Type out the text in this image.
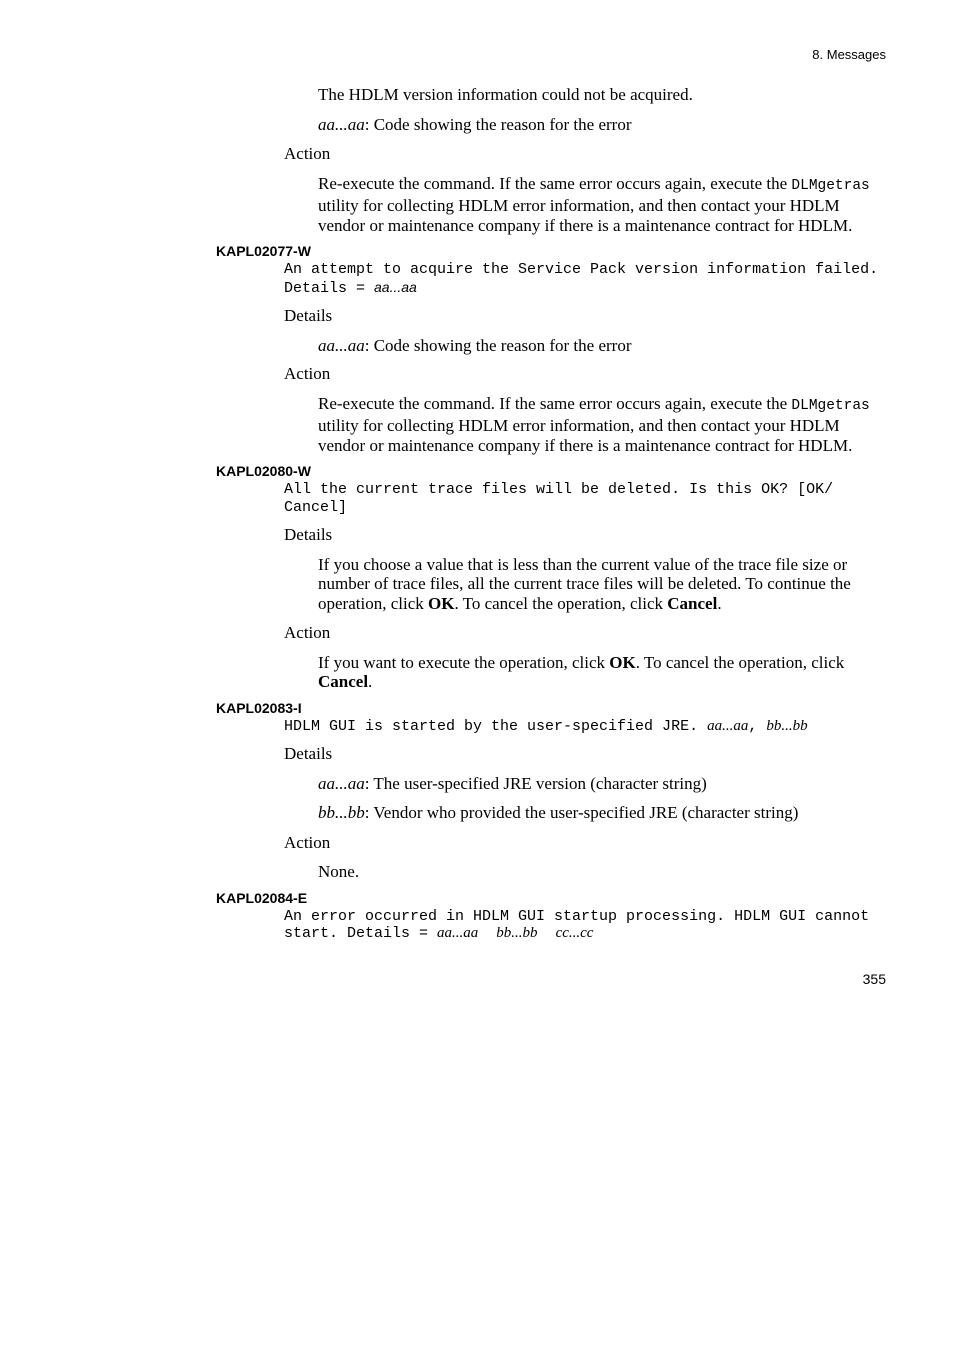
8. Messages

The HDLM version information could not be acquired.

aa...aa: Code showing the reason for the error

Action

Re-execute the command. If the same error occurs again, execute the DLMgetras utility for collecting HDLM error information, and then contact your HDLM vendor or maintenance company if there is a maintenance contract for HDLM.

KAPL02077-W

An attempt to acquire the Service Pack version information failed. Details = aa...aa

Details

aa...aa: Code showing the reason for the error

Action

Re-execute the command. If the same error occurs again, execute the DLMgetras utility for collecting HDLM error information, and then contact your HDLM vendor or maintenance company if there is a maintenance contract for HDLM.

KAPL02080-W

All the current trace files will be deleted. Is this OK? [OK/ Cancel]

Details

If you choose a value that is less than the current value of the trace file size or number of trace files, all the current trace files will be deleted. To continue the operation, click OK. To cancel the operation, click Cancel.

Action

If you want to execute the operation, click OK. To cancel the operation, click Cancel.

KAPL02083-I

HDLM GUI is started by the user-specified JRE. aa...aa, bb...bb

Details

aa...aa: The user-specified JRE version (character string)

bb...bb: Vendor who provided the user-specified JRE (character string)

Action

None.

KAPL02084-E

An error occurred in HDLM GUI startup processing. HDLM GUI cannot start. Details = aa...aa bb...bb cc...cc

355
